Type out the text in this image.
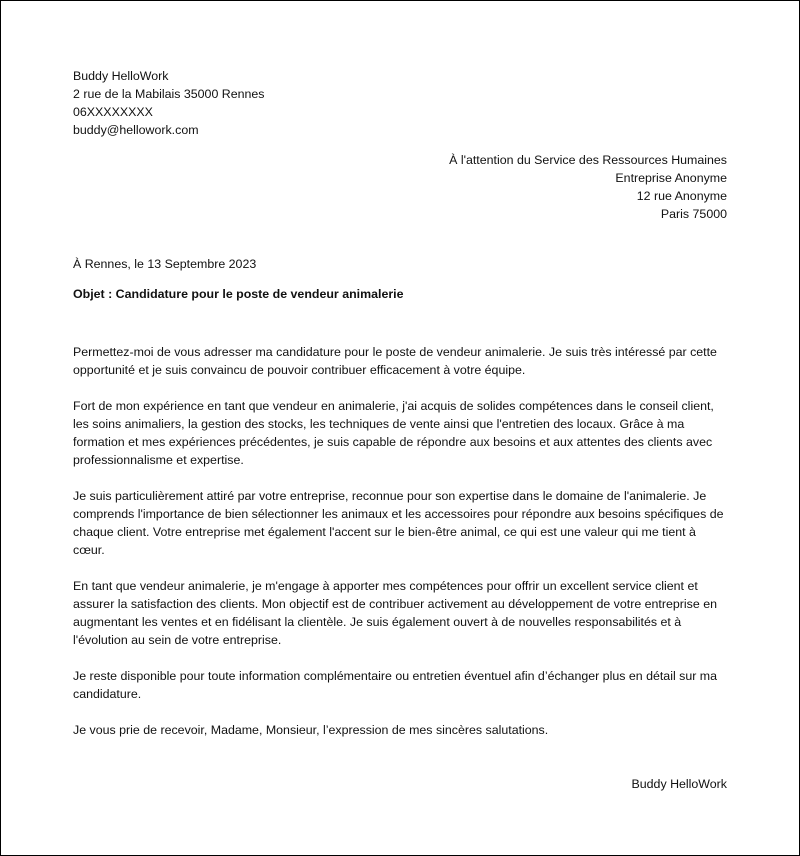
Buddy HelloWork
2 rue de la Mabilais 35000 Rennes
06XXXXXXXX
buddy@hellowork.com
À l'attention du Service des Ressources Humaines
Entreprise Anonyme
12 rue Anonyme
Paris 75000
À Rennes, le 13 Septembre 2023
Objet : Candidature pour le poste de vendeur animalerie

Permettez-moi de vous adresser ma candidature pour le poste de vendeur animalerie. Je suis très intéressé par cette opportunité et je suis convaincu de pouvoir contribuer efficacement à votre équipe.

Fort de mon expérience en tant que vendeur en animalerie, j'ai acquis de solides compétences dans le conseil client, les soins animaliers, la gestion des stocks, les techniques de vente ainsi que l'entretien des locaux. Grâce à ma formation et mes expériences précédentes, je suis capable de répondre aux besoins et aux attentes des clients avec professionnalisme et expertise.

Je suis particulièrement attiré par votre entreprise, reconnue pour son expertise dans le domaine de l'animalerie. Je comprends l'importance de bien sélectionner les animaux et les accessoires pour répondre aux besoins spécifiques de chaque client. Votre entreprise met également l'accent sur le bien-être animal, ce qui est une valeur qui me tient à cœur.

En tant que vendeur animalerie, je m'engage à apporter mes compétences pour offrir un excellent service client et assurer la satisfaction des clients. Mon objectif est de contribuer activement au développement de votre entreprise en augmentant les ventes et en fidélisant la clientèle. Je suis également ouvert à de nouvelles responsabilités et à l'évolution au sein de votre entreprise.

Je reste disponible pour toute information complémentaire ou entretien éventuel afin d’échanger plus en détail sur ma candidature.

Je vous prie de recevoir, Madame, Monsieur, l’expression de mes sincères salutations.

Buddy HelloWork
